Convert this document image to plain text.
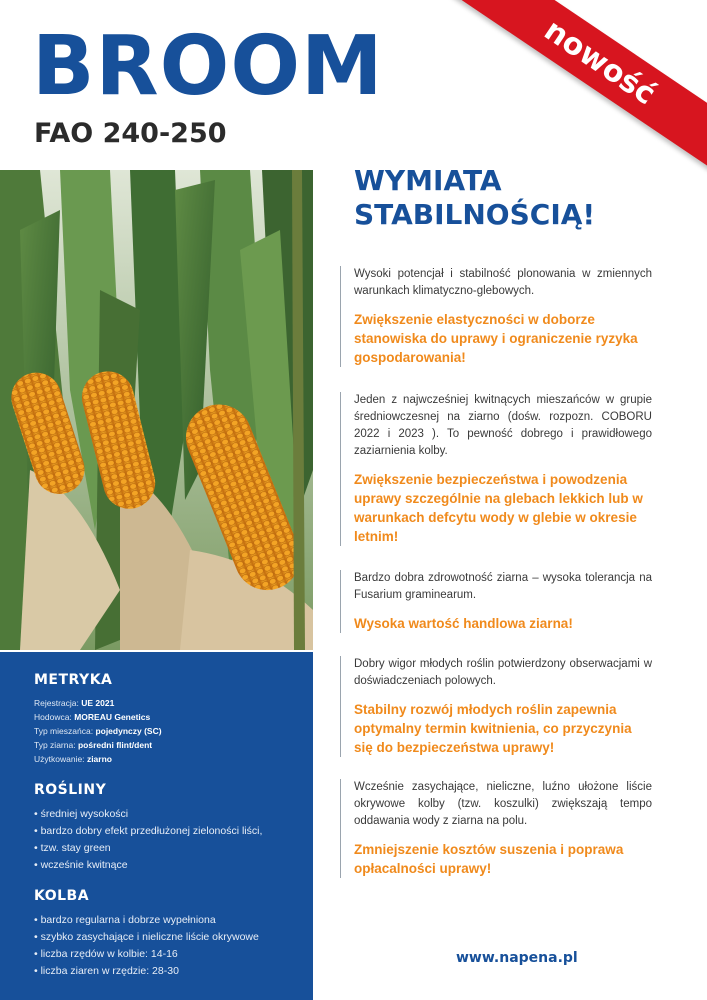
BROOM
FAO 240-250
nowość
METRYKA
Rejestracja: UE 2021
Hodowca: MOREAU Genetics
Typ mieszańca: pojedynczy (SC)
Typ ziarna: pośredni flint/dent
Użytkowanie: ziarno
ROŚLINY
• średniej wysokości
• bardzo dobry efekt przedłużonej zieloności liści,
• tzw. stay green
• wcześnie kwitnące
KOLBA
• bardzo regularna i dobrze wypełniona
• szybko zasychające i nieliczne liście okrywowe
• liczba rzędów w kolbie: 14-16
• liczba ziaren w rzędzie: 28-30
WYMIATA
STABILNOŚCIĄ!

Wysoki potencjał i stabilność plonowania w zmiennych warunkach klimatyczno-glebowych.

Zwiększenie elastyczności w doborze stanowiska do uprawy i ograniczenie ryzyka gospodarowania!

Jeden z najwcześniej kwitnących mieszańców w grupie średniowczesnej na ziarno (dośw. rozpozn. COBORU 2022 i 2023 ). To pewność dobrego i prawidłowego zaziarnienia kolby.

Zwiększenie bezpieczeństwa i powodzenia uprawy szczególnie na glebach lekkich lub w warunkach defcytu wody w glebie w okresie letnim!

Bardzo dobra zdrowotność ziarna – wysoka tolerancja na Fusarium graminearum.

Wysoka wartość handlowa ziarna!

Dobry wigor młodych roślin potwierdzony obserwacjami w doświadczeniach polowych.

Stabilny rozwój młodych roślin zapewnia optymalny termin kwitnienia, co przyczynia się do bezpieczeństwa uprawy!

Wcześnie zasychające, nieliczne, luźno ułożone liście okrywowe kolby (tzw. koszulki) zwiększają tempo oddawania wody z ziarna na polu.

Zmniejszenie kosztów suszenia i poprawa opłacalności uprawy!

www.napena.pl
